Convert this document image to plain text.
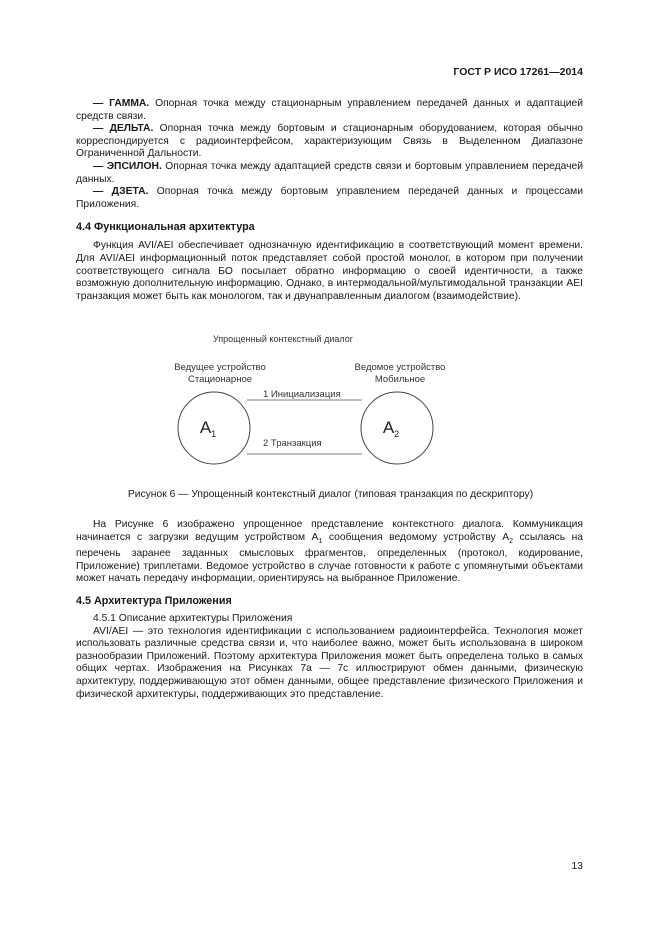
ГОСТ Р ИСО 17261—2014

— ГАММА. Опорная точка между стационарным управлением передачей данных и адаптацией средств связи.

— ДЕЛЬТА. Опорная точка между бортовым и стационарным оборудованием, которая обычно корреспондируется с радиоинтерфейсом, характеризующим Связь в Выделенном Диапазоне Ограниченной Дальности.

— ЭПСИЛОН. Опорная точка между адаптацией средств связи и бортовым управлением передачей данных.

— ДЗЕТА. Опорная точка между бортовым управлением передачей данных и процессами Приложения.

4.4 Функциональная архитектура

Функция AVI/AEI обеспечивает однозначную идентификацию в соответствующий момент времени. Для AVI/AEI информационный поток представляет собой простой монолог, в котором при получении соответствующего сигнала БО посылает обратно информацию о своей идентичности, а также возможную дополнительную информацию. Однако, в интермодальной/мультимодальной транзакции AEI транзакция может быть как монологом, так и двунаправленным диалогом (взаимодействие).

Упрощенный контекстный диалог
Ведущее устройство
Стационарное
Ведомое устройство
Мобильное
1 Инициализация
2 Транзакция
$A_1$	$A_2$
Рисунок 6 — Упрощенный контекстный диалог (типовая транзакция по дескриптору)

На Рисунке 6 изображено упрощенное представление контекстного диалога. Коммуникация начинается с загрузки ведущим устройством $A_1$ сообщения ведомому устройству $A_2$ ссылаясь на перечень заранее заданных смысловых фрагментов, определенных (протокол, кодирование, Приложение) триплетами. Ведомое устройство в случае готовности к работе с упомянутыми объектами может начать передачу информации, ориентируясь на выбранное Приложение.

4.5 Архитектура Приложения

4.5.1 Описание архитектуры Приложения

AVI/AEI — это технология идентификации с использованием радиоинтерфейса. Технология может использовать различные средства связи и, что наиболее важно, может быть использована в широком разнообразии Приложений. Поэтому архитектура Приложения может быть определена только в самых общих чертах. Изображения на Рисунках 7а — 7с иллюстрируют обмен данными, физическую архитектуру, поддерживающую этот обмен данными, общее представление физического Приложения и физической архитектуры, поддерживающих это представление.

13
